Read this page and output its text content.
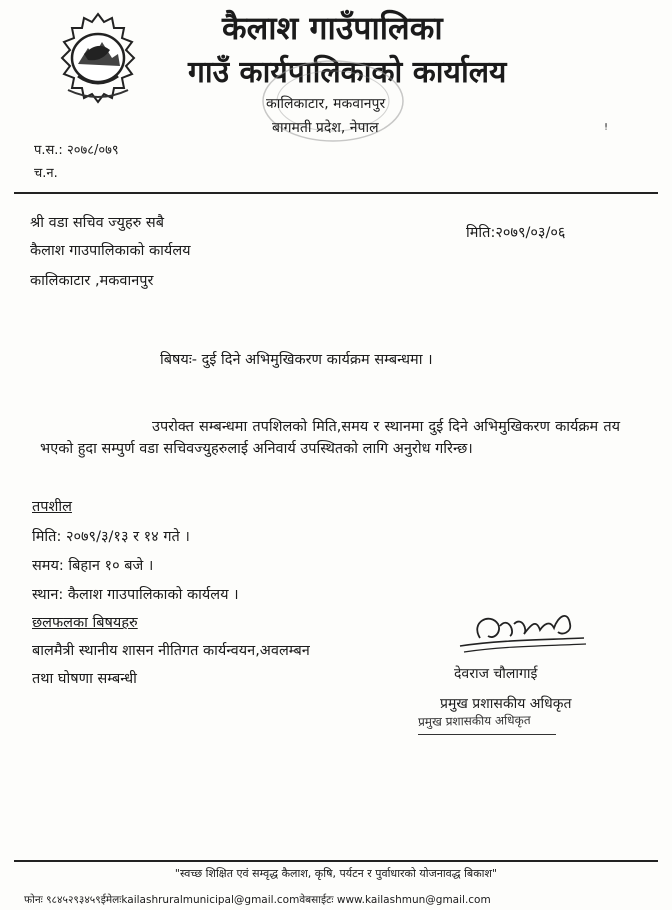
कैलाश गाउँपालिका
गाउँ कार्यपालिकाको कार्यालय
कालिकाटार, मकवानपुर
बागमती प्रदेश, नेपाल	ꜝ
प.स.: २०७८/०७९
च.न.
श्री वडा सचिव ज्युहरु सबै
कैलाश गाउपालिकाको कार्यलय
कालिकाटार ,मकवानपुर
मिति:२०७९/०३/०६
बिषयः- दुई दिने अभिमुखिकरण कार्यक्रम सम्बन्धमा ।
उपरोक्त सम्बन्धमा तपशिलको मिति,समय र स्थानमा दुई दिने अभिमुखिकरण कार्यक्रम तय भएको हुदा सम्पुर्ण वडा सचिवज्युहरुलाई अनिवार्य उपस्थितको लागि अनुरोध गरिन्छ।
तपशील
मिति: २०७९/३/१३ र १४ गते ।
समय: बिहान १० बजे ।
स्थान: कैलाश गाउपालिकाको कार्यलय ।
छलफलका बिषयहरु
बालमैत्री स्थानीय शासन नीतिगत कार्यन्वयन,अवलम्बन
तथा घोषणा सम्बन्धी	देवराज चौलागाई
प्रमुख प्रशासकीय अधिकृत
प्रमुख प्रशासकीय अधिकृत
"स्वच्छ शिक्षित एवं सम्वृद्ध कैलाश, कृषि, पर्यटन र पुर्वाधारको योजनावद्ध बिकाश"
फोनः ९८४५२९३४५९ईमेलःkailashruralmunicipal@gmail.comवेबसाईटः www.kailashmun@gmail.com
